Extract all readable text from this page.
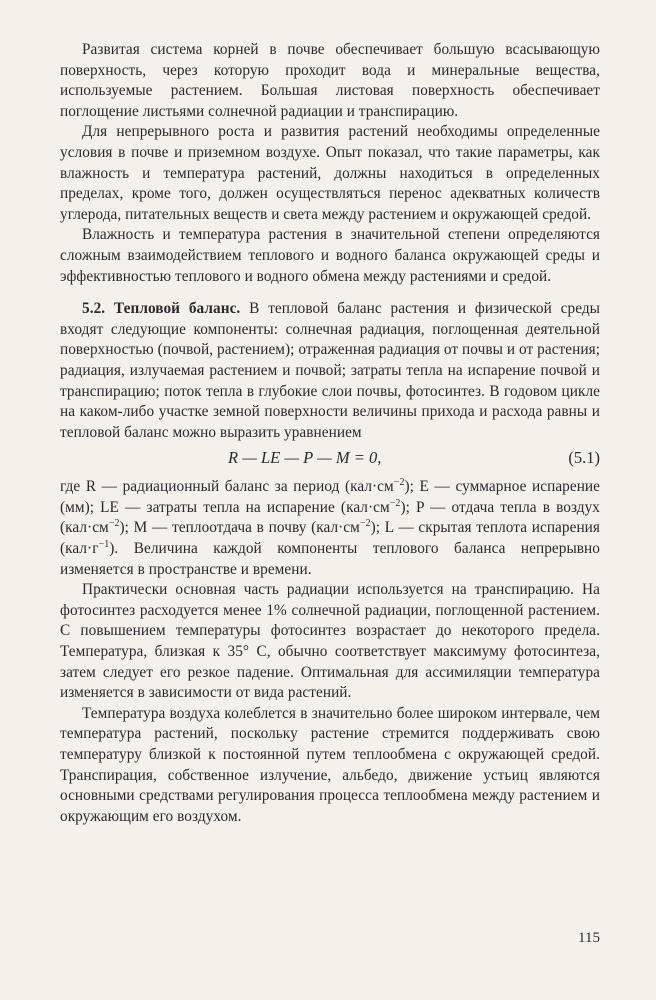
Развитая система корней в почве обеспечивает большую всасывающую поверхность, через которую проходит вода и минеральные вещества, используемые растением. Большая листовая поверхность обеспечивает поглощение листьями солнечной радиации и транспирацию.

Для непрерывного роста и развития растений необходимы определенные условия в почве и приземном воздухе. Опыт показал, что такие параметры, как влажность и температура растений, должны находиться в определенных пределах, кроме того, должен осуществляться перенос адекватных количеств углерода, питательных веществ и света между растением и окружающей средой.

Влажность и температура растения в значительной степени определяются сложным взаимодействием теплового и водного баланса окружающей среды и эффективностью теплового и водного обмена между растениями и средой.

5.2. Тепловой баланс. В тепловой баланс растения и физической среды входят следующие компоненты: солнечная радиация, поглощенная деятельной поверхностью (почвой, растением); отраженная радиация от почвы и от растения; радиация, излучаемая растением и почвой; затраты тепла на испарение почвой и транспирацию; поток тепла в глубокие слои почвы, фотосинтез. В годовом цикле на каком-либо участке земной поверхности величины прихода и расхода равны и тепловой баланс можно выразить уравнением

R — LE — P — M = 0,	(5.1)

где R — радиационный баланс за период $(кал\cdot см^{-2})$; E — суммарное испарение (мм); LE — затраты тепла на испарение $(кал\cdot см^{-2})$; P — отдача тепла в воздух $(кал\cdot см^{-2})$; M — теплоотдача в почву $(кал\cdot см^{-2})$; L — скрытая теплота испарения $(кал\cdot г^{-1})$. Величина каждой компоненты теплового баланса непрерывно изменяется в пространстве и времени.

Практически основная часть радиации используется на транспирацию. На фотосинтез расходуется менее 1% солнечной радиации, поглощенной растением. С повышением температуры фотосинтез возрастает до некоторого предела. Температура, близкая к 35° С, обычно соответствует максимуму фотосинтеза, затем следует его резкое падение. Оптимальная для ассимиляции температура изменяется в зависимости от вида растений.

Температура воздуха колеблется в значительно более широком интервале, чем температура растений, поскольку растение стремится поддерживать свою температуру близкой к постоянной путем теплообмена с окружающей средой. Транспирация, собственное излучение, альбедо, движение устьиц являются основными средствами регулирования процесса теплообмена между растением и окружающим его воздухом.

115
